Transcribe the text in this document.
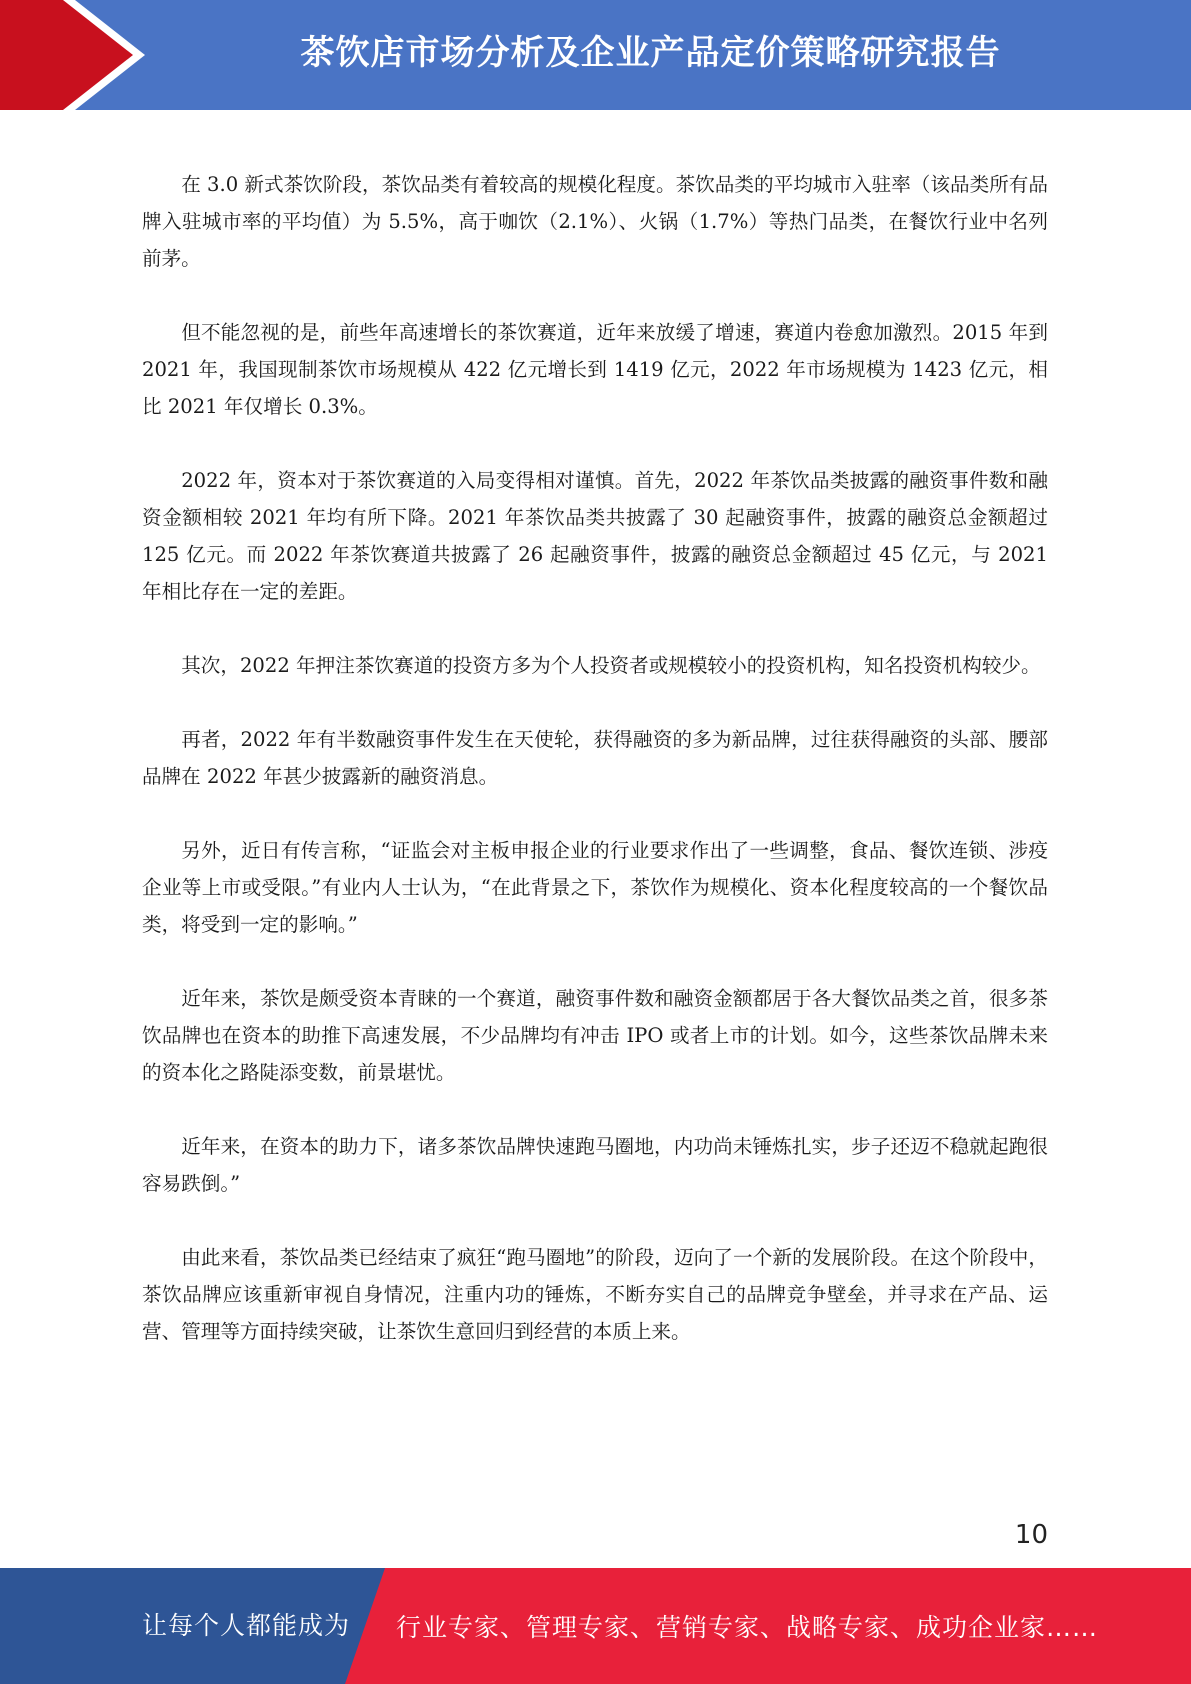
茶饮店市场分析及企业产品定价策略研究报告

在 3.0 新式茶饮阶段，茶饮品类有着较高的规模化程度。茶饮品类的平均城市入驻率（该品类所有品牌入驻城市率的平均值）为 5.5%，高于咖饮（2.1%）、火锅（1.7%）等热门品类，在餐饮行业中名列前茅。

但不能忽视的是，前些年高速增长的茶饮赛道，近年来放缓了增速，赛道内卷愈加激烈。2015 年到 2021 年，我国现制茶饮市场规模从 422 亿元增长到 1419 亿元，2022 年市场规模为 1423 亿元，相比 2021 年仅增长 0.3%。

2022 年，资本对于茶饮赛道的入局变得相对谨慎。首先，2022 年茶饮品类披露的融资事件数和融资金额相较 2021 年均有所下降。2021 年茶饮品类共披露了 30 起融资事件，披露的融资总金额超过 125 亿元。而 2022 年茶饮赛道共披露了 26 起融资事件，披露的融资总金额超过 45 亿元，与 2021 年相比存在一定的差距。

其次，2022 年押注茶饮赛道的投资方多为个人投资者或规模较小的投资机构，知名投资机构较少。

再者，2022 年有半数融资事件发生在天使轮，获得融资的多为新品牌，过往获得融资的头部、腰部品牌在 2022 年甚少披露新的融资消息。

另外，近日有传言称，“证监会对主板申报企业的行业要求作出了一些调整，食品、餐饮连锁、涉疫企业等上市或受限。”有业内人士认为，“在此背景之下，茶饮作为规模化、资本化程度较高的一个餐饮品类，将受到一定的影响。”

近年来，茶饮是颇受资本青睐的一个赛道，融资事件数和融资金额都居于各大餐饮品类之首，很多茶饮品牌也在资本的助推下高速发展，不少品牌均有冲击 IPO 或者上市的计划。如今，这些茶饮品牌未来的资本化之路陡添变数，前景堪忧。

近年来，在资本的助力下，诸多茶饮品牌快速跑马圈地，内功尚未锤炼扎实，步子还迈不稳就起跑很容易跌倒。”

由此来看，茶饮品类已经结束了疯狂“跑马圈地”的阶段，迈向了一个新的发展阶段。在这个阶段中，茶饮品牌应该重新审视自身情况，注重内功的锤炼，不断夯实自己的品牌竞争壁垒，并寻求在产品、运营、管理等方面持续突破，让茶饮生意回归到经营的本质上来。

10
让每个人都能成为 行业专家、管理专家、营销专家、战略专家、成功企业家……
